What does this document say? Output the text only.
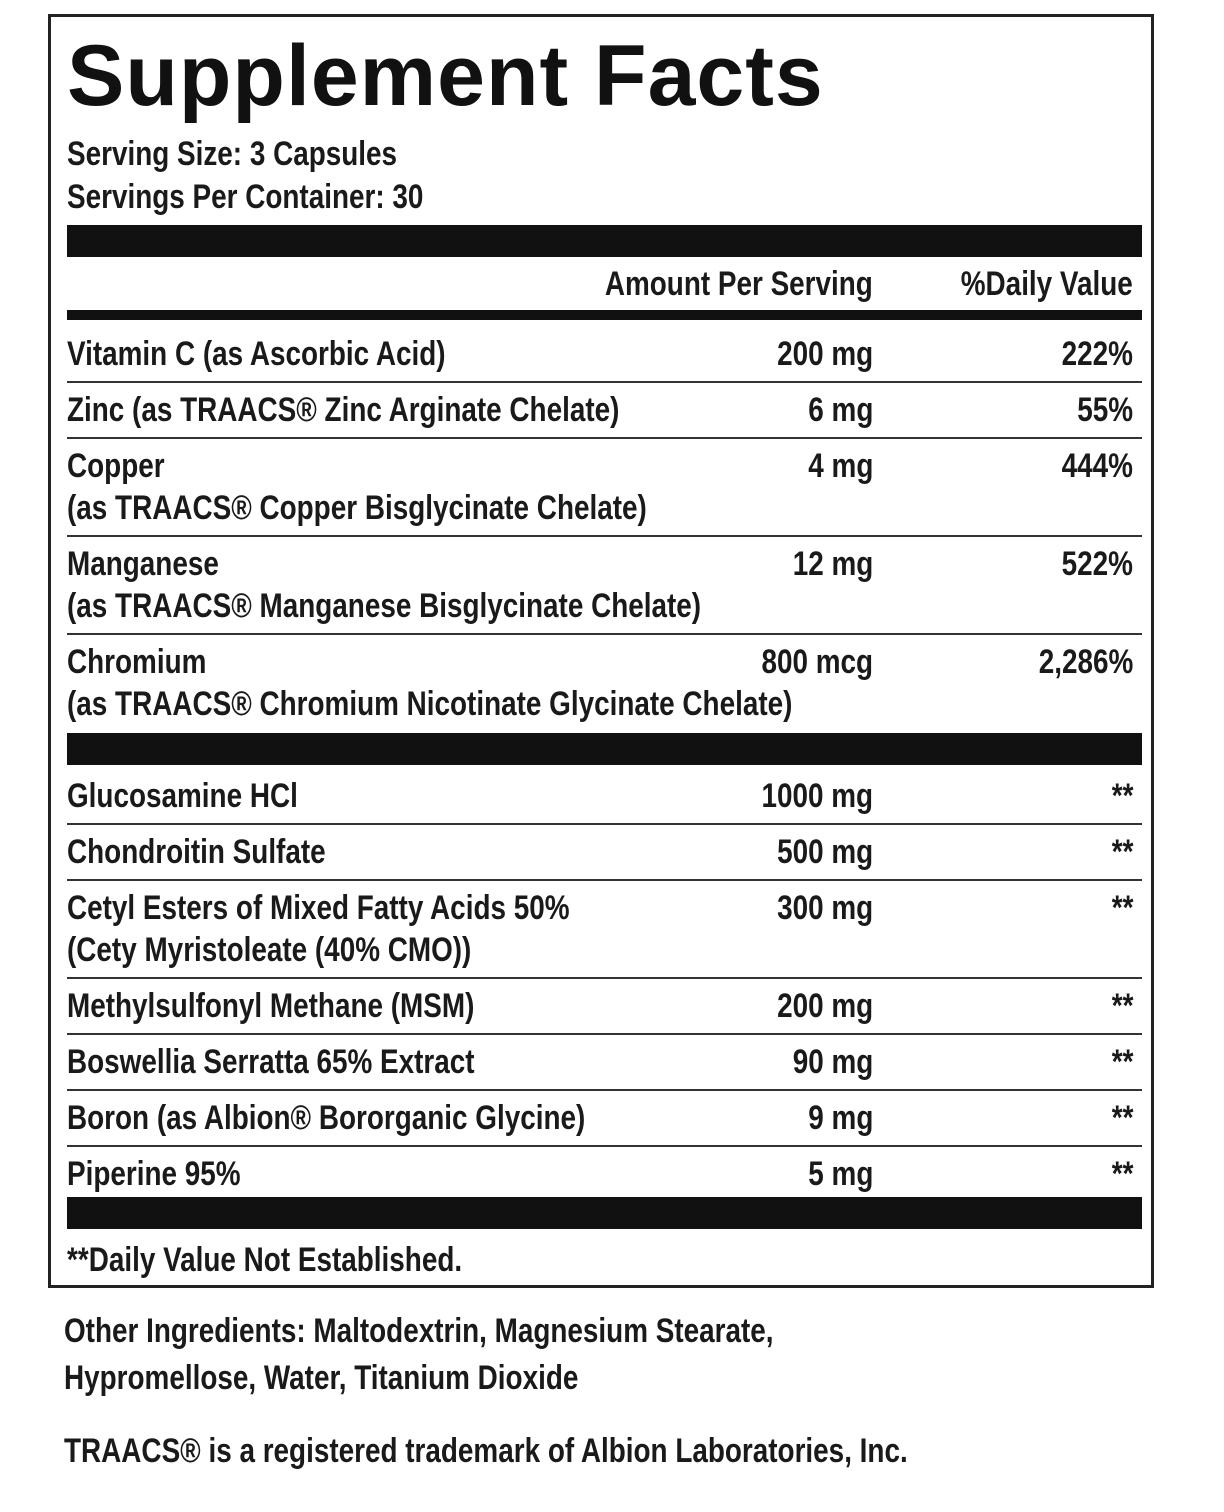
Supplement Facts
Serving Size: 3 Capsules
Servings Per Container: 30
Amount Per Serving	%Daily Value
**Daily Value Not Established.
Vitamin C (as Ascorbic Acid)	200 mg	222%
Zinc (as TRAACS® Zinc Arginate Chelate)	6 mg	55%
Copper
(as TRAACS® Copper Bisglycinate Chelate)
4 mg	444%
Manganese
(as TRAACS® Manganese Bisglycinate Chelate)
12 mg	522%
Chromium
(as TRAACS® Chromium Nicotinate Glycinate Chelate)
800 mcg	2,286%
Glucosamine HCl	1000 mg	**
Chondroitin Sulfate	500 mg	**
Cetyl Esters of Mixed Fatty Acids 50%
(Cety Myristoleate (40% CMO))
300 mg	**
Methylsulfonyl Methane (MSM)	200 mg	**
Boswellia Serratta 65% Extract	90 mg	**
Boron (as Albion® Bororganic Glycine)	9 mg	**
Piperine 95%	5 mg	**
Other Ingredients: Maltodextrin, Magnesium Stearate,
Hypromellose, Water, Titanium Dioxide
TRAACS® is a registered trademark of Albion Laboratories, Inc.
